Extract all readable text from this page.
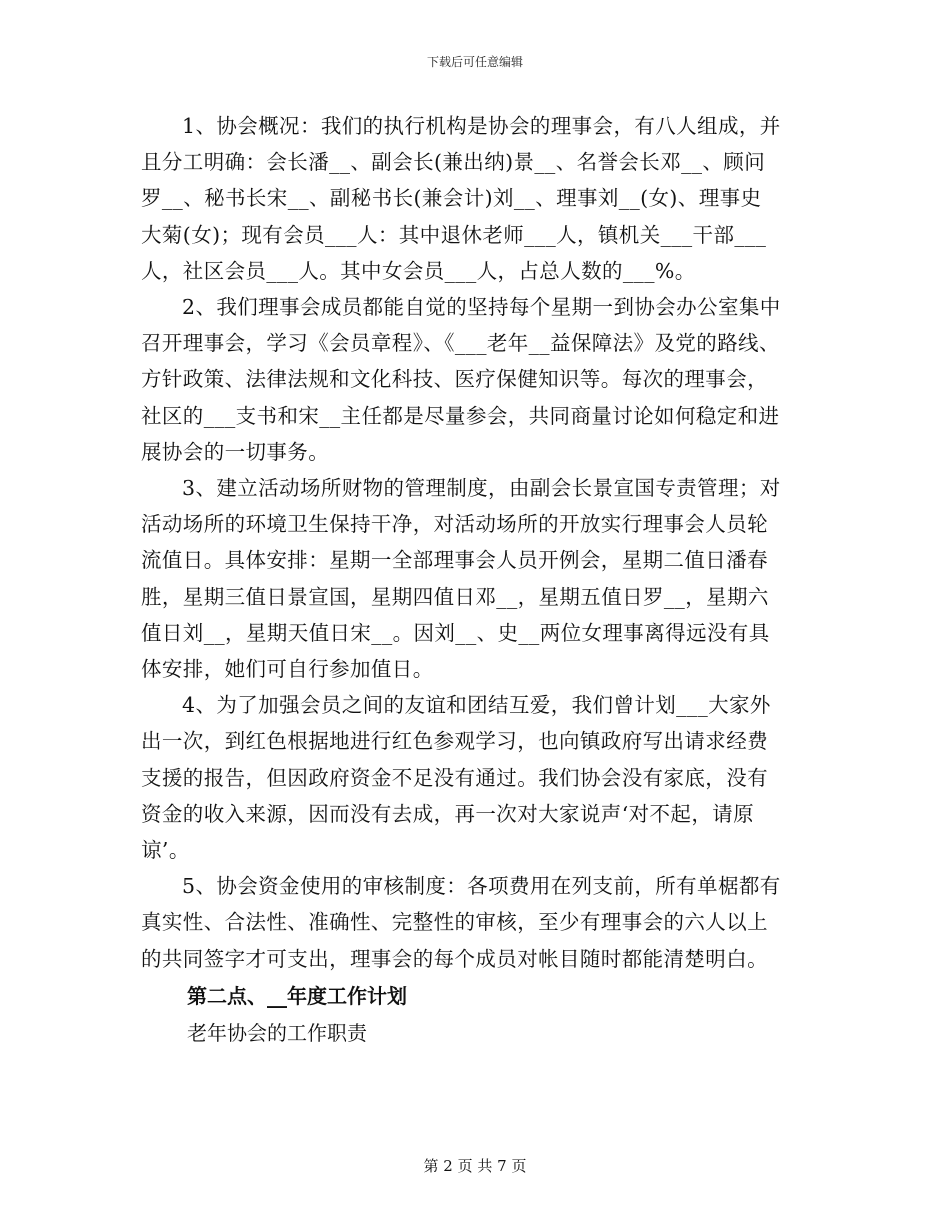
下载后可任意编辑

1、协会概况：我们的执行机构是协会的理事会，有八人组成，并
且分工明确：会长潘__、副会长(兼出纳)景__、名誉会长邓__、顾问
罗__、秘书长宋__、副秘书长(兼会计)刘__、理事刘__(女)、理事史
大菊(女)；现有会员___人：其中退休老师___人，镇机关___干部___
人，社区会员___人。其中女会员___人，占总人数的___%。

2、我们理事会成员都能自觉的坚持每个星期一到协会办公室集中
召开理事会，学习《会员章程》、《___老年__益保障法》及党的路线、
方针政策、法律法规和文化科技、医疗保健知识等。每次的理事会，
社区的___支书和宋__主任都是尽量参会，共同商量讨论如何稳定和进
展协会的一切事务。

3、建立活动场所财物的管理制度，由副会长景宣国专责管理；对
活动场所的环境卫生保持干净，对活动场所的开放实行理事会人员轮
流值日。具体安排：星期一全部理事会人员开例会，星期二值日潘春
胜，星期三值日景宣国，星期四值日邓__，星期五值日罗__，星期六
值日刘__，星期天值日宋__。因刘__、史__两位女理事离得远没有具
体安排，她们可自行参加值日。

4、为了加强会员之间的友谊和团结互爱，我们曾计划___大家外
出一次，到红色根据地进行红色参观学习，也向镇政府写出请求经费
支援的报告，但因政府资金不足没有通过。我们协会没有家底，没有
资金的收入来源，因而没有去成，再一次对大家说声‘对不起，请原
谅’。

5、协会资金使用的审核制度：各项费用在列支前，所有单椐都有
真实性、合法性、准确性、完整性的审核，至少有理事会的六人以上
的共同签字才可支出，理事会的每个成员对帐目随时都能清楚明白。

第二点、__年度工作计划

老年协会的工作职责

第 2 页 共 7 页
